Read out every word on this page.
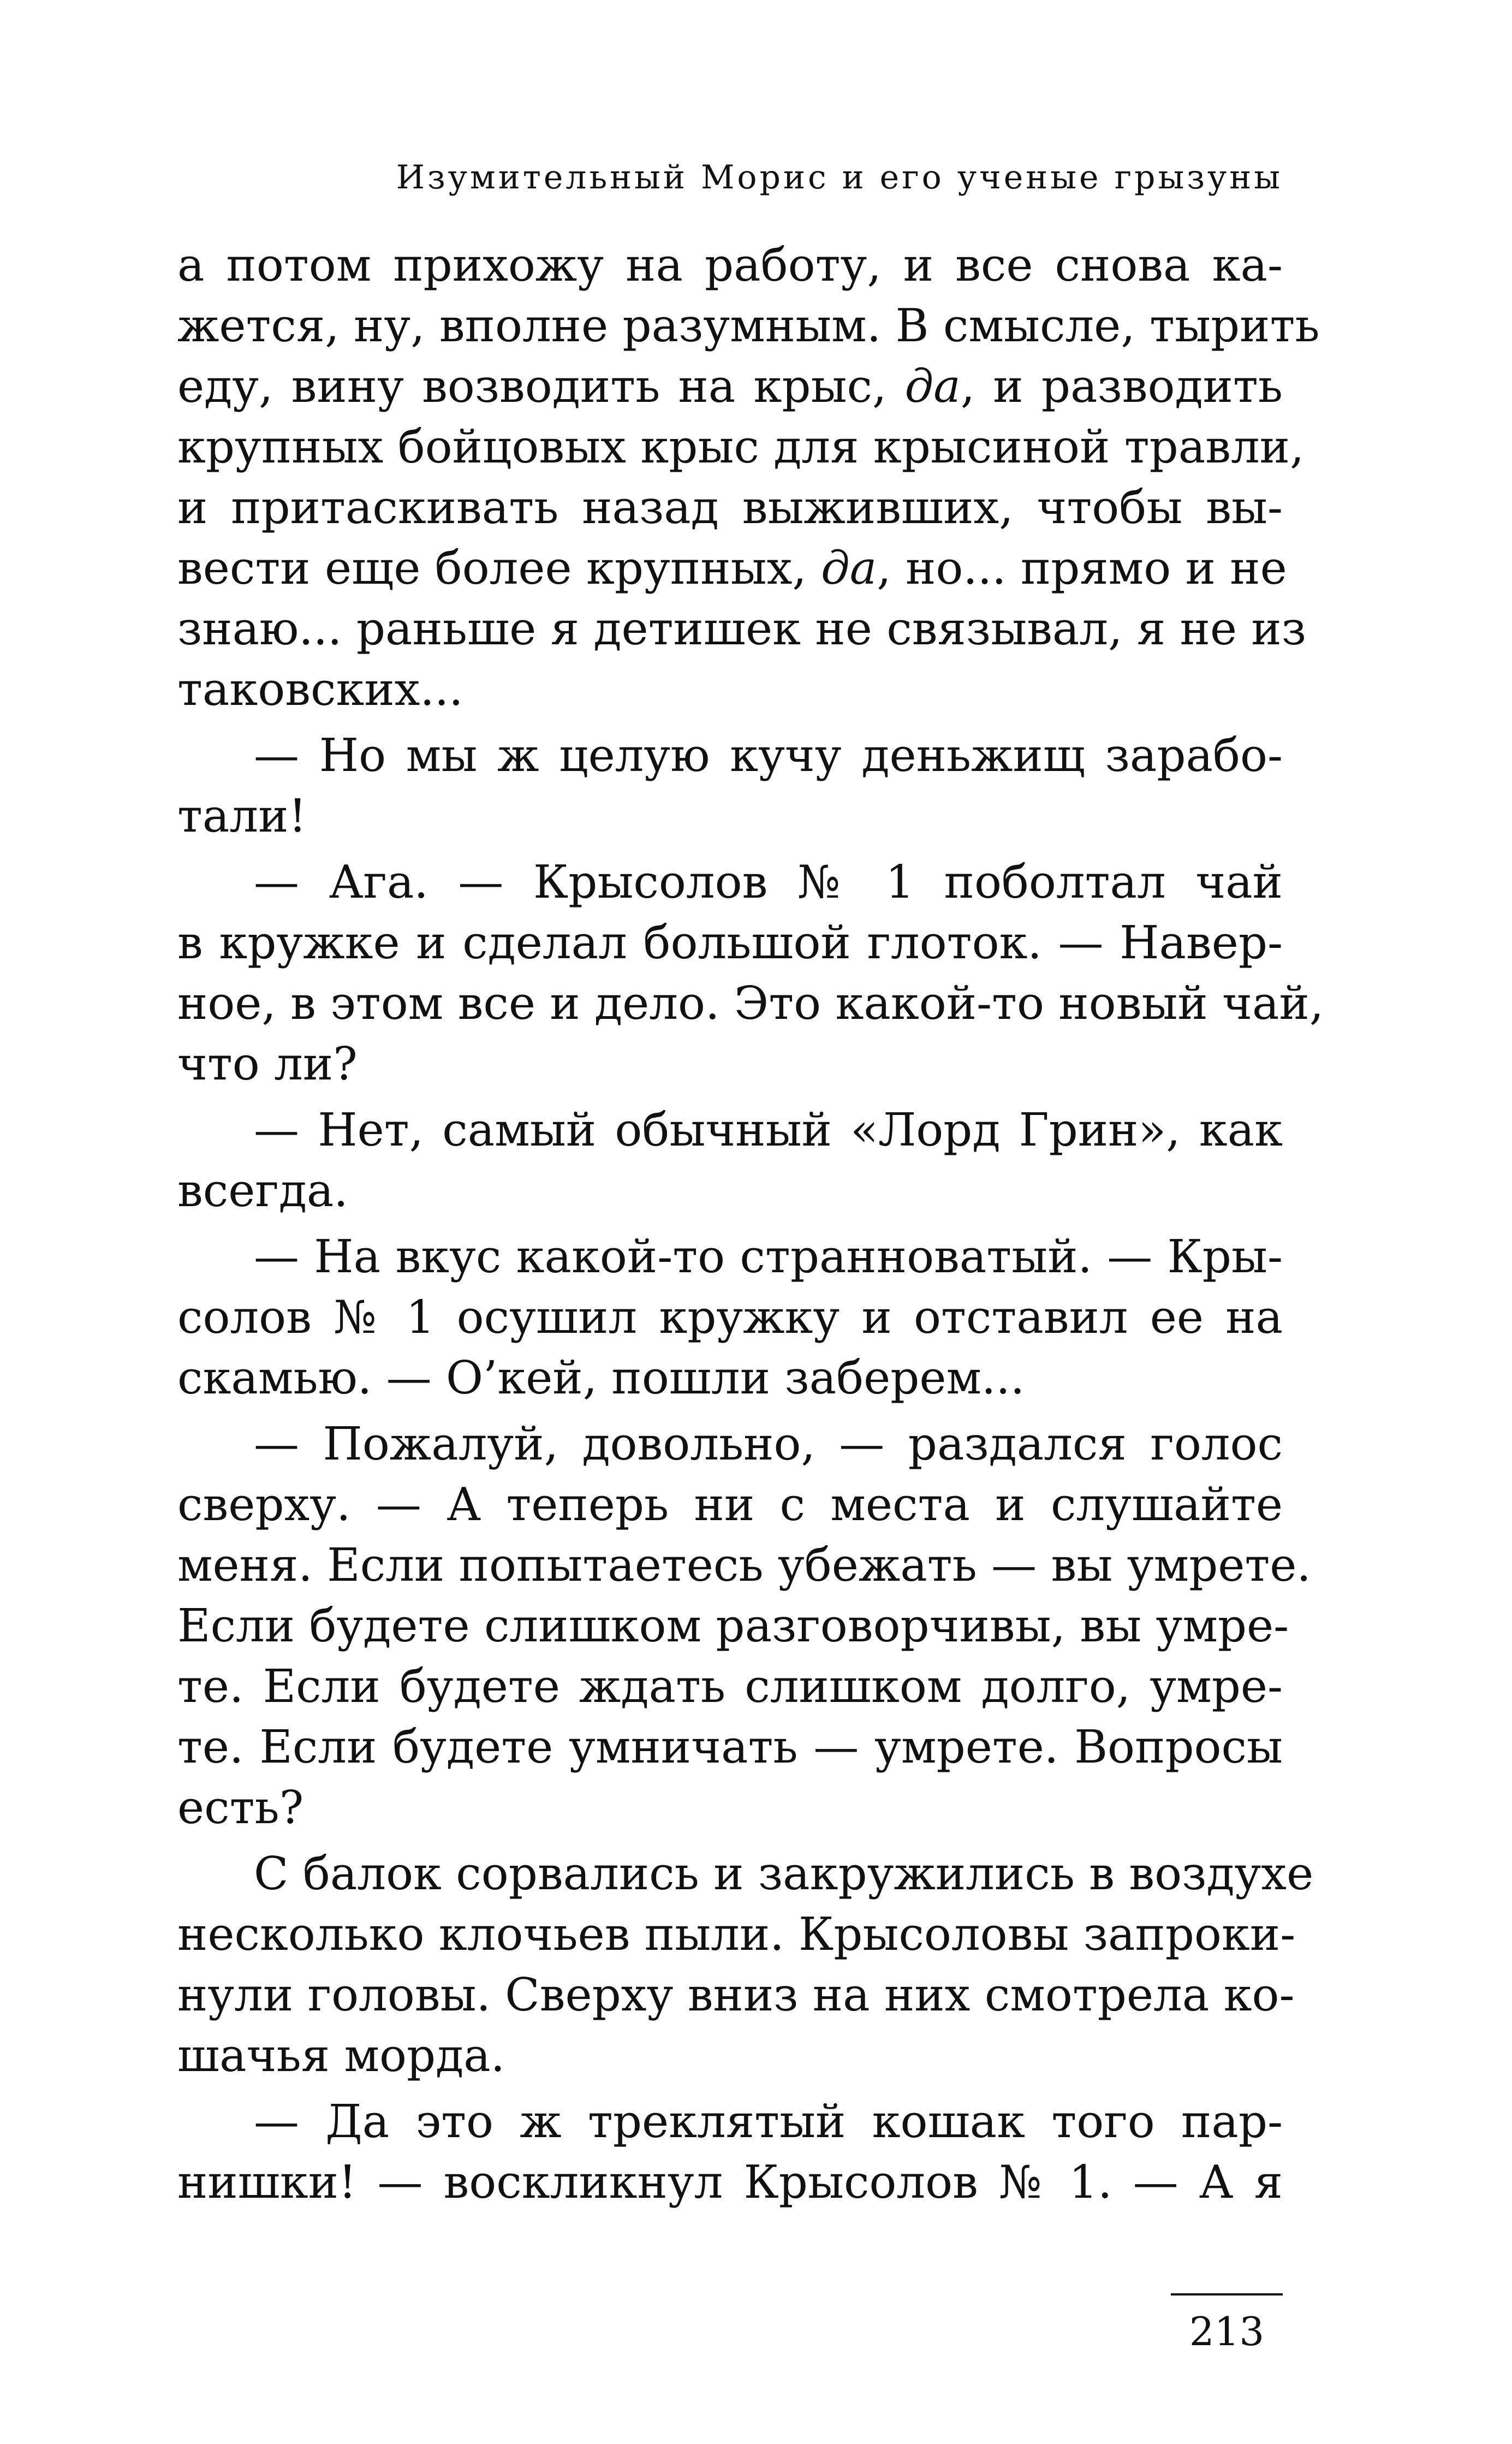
Изумительный Морис и его ученые грызуны
а потом прихожу на работу, и все снова ка-
жется, ну, вполне разумным. В смысле, тырить
еду, вину возводить на крыс, да, и разводить
крупных бойцовых крыс для крысиной травли,
и притаскивать назад выживших, чтобы вы-
вести еще более крупных, да, но... прямо и не
знаю... раньше я детишек не связывал, я не из
таковских...
— Но мы ж целую кучу деньжищ зарабо-
тали!
— Ага. — Крысолов № 1 поболтал чай
в кружке и сделал большой глоток. — Навер-
ное, в этом все и дело. Это какой-то новый чай,
что ли?
— Нет, самый обычный «Лорд Грин», как
всегда.
— На вкус какой-то странноватый. — Кры-
солов № 1 осушил кружку и отставил ее на
скамью. — О’кей, пошли заберем...
— Пожалуй, довольно, — раздался голос
сверху. — А теперь ни с места и слушайте
меня. Если попытаетесь убежать — вы умрете.
Если будете слишком разговорчивы, вы умре-
те. Если будете ждать слишком долго, умре-
те. Если будете умничать — умрете. Вопросы
есть?
С балок сорвались и закружились в воздухе
несколько клочьев пыли. Крысоловы запроки-
нули головы. Сверху вниз на них смотрела ко-
шачья морда.
— Да это ж треклятый кошак того пар-
нишки! — воскликнул Крысолов № 1. — А я
213
